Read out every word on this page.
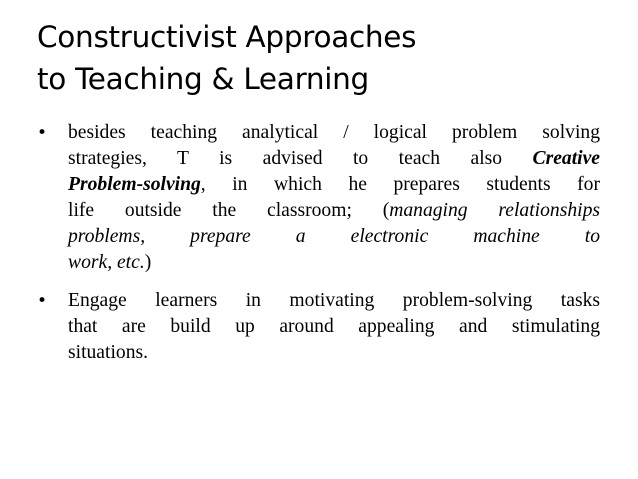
Constructivist Approaches
to Teaching & Learning
• besides teaching analytical / logical problem solving
strategies, T is advised to teach also Creative
Problem-solving, in which he prepares students for
life outside the classroom; (managing relationships
problems, prepare a electronic machine to
work, etc.)
• Engage learners in motivating problem-solving tasks
that are build up around appealing and stimulating
situations.
